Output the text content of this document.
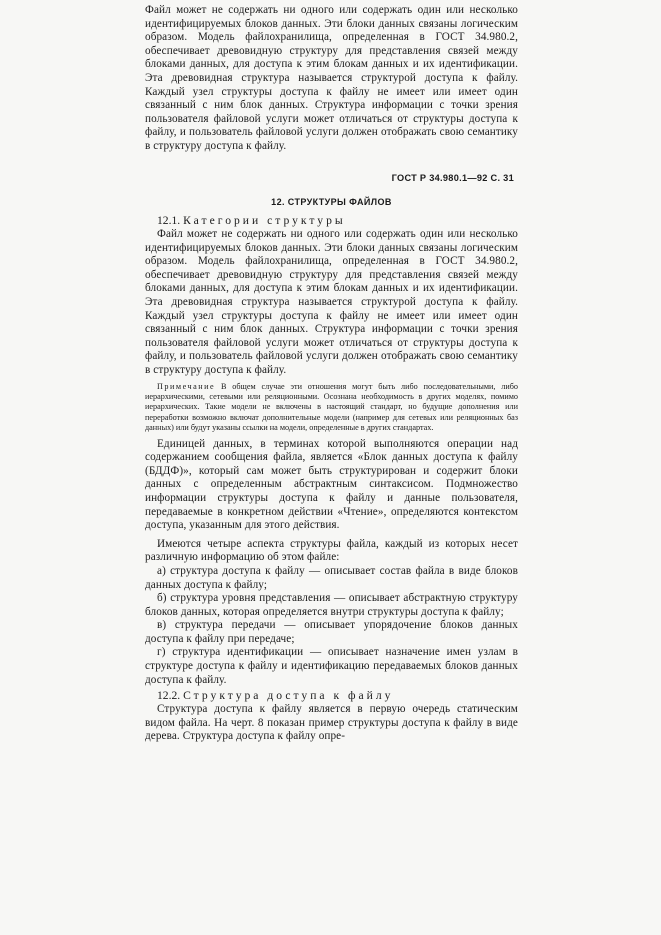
Файл может не содержать ни одного или содержать один или несколько идентифицируемых блоков данных. Эти блоки данных связаны логическим образом. Модель файлохранилища, определенная в ГОСТ 34.980.2, обеспечивает древовидную структуру для представления связей между блоками данных, для доступа к этим блокам данных и их идентификации. Эта древовидная структура называется структурой доступа к файлу. Каждый узел структуры доступа к файлу не имеет или имеет один связанный с ним блок данных. Структура информации с точки зрения пользователя файловой услуги может отличаться от структуры доступа к файлу, и пользователь файловой услуги должен отображать свою семантику в структуру доступа к файлу.

ГОСТ Р 34.980.1—92 С. 31
12. СТРУКТУРЫ ФАЙЛОВ

12.1. Категории структуры

Файл может не содержать ни одного или содержать один или несколько идентифицируемых блоков данных. Эти блоки данных связаны логическим образом. Модель файлохранилища, определенная в ГОСТ 34.980.2, обеспечивает древовидную структуру для представления связей между блоками данных, для доступа к этим блокам данных и их идентификации. Эта древовидная структура называется структурой доступа к файлу. Каждый узел структуры доступа к файлу не имеет или имеет один связанный с ним блок данных. Структура информации с точки зрения пользователя файловой услуги может отличаться от структуры доступа к файлу, и пользователь файловой услуги должен отображать свою семантику в структуру доступа к файлу.

Примечание В общем случае эти отношения могут быть либо последовательными, либо иерархическими, сетевыми или реляционными. Осознана необходимость в других моделях, помимо иерархических. Такие модели не включены в настоящий стандарт, но будущие дополнения или переработки возможно включат дополнительные модели (например для сетевых или реляционных баз данных) или будут указаны ссылки на модели, определенные в других стандартах.

Единицей данных, в терминах которой выполняются операции над содержанием сообщения файла, является «Блок данных доступа к файлу (БДДФ)», который сам может быть структурирован и содержит блоки данных с определенным абстрактным синтаксисом. Подмножество информации структуры доступа к файлу и данные пользователя, передаваемые в конкретном действии «Чтение», определяются контекстом доступа, указанным для этого действия.

Имеются четыре аспекта структуры файла, каждый из которых несет различную информацию об этом файле:

а) структура доступа к файлу — описывает состав файла в виде блоков данных доступа к файлу;

б) структура уровня представления — описывает абстрактную структуру блоков данных, которая определяется внутри структуры доступа к файлу;

в) структура передачи — описывает упорядочение блоков данных доступа к файлу при передаче;

г) структура идентификации — описывает назначение имен узлам в структуре доступа к файлу и идентификацию передаваемых блоков данных доступа к файлу.

12.2. Структура доступа к файлу

Структура доступа к файлу является в первую очередь статическим видом файла. На черт. 8 показан пример структуры доступа к файлу в виде дерева. Структура доступа к файлу опре-
